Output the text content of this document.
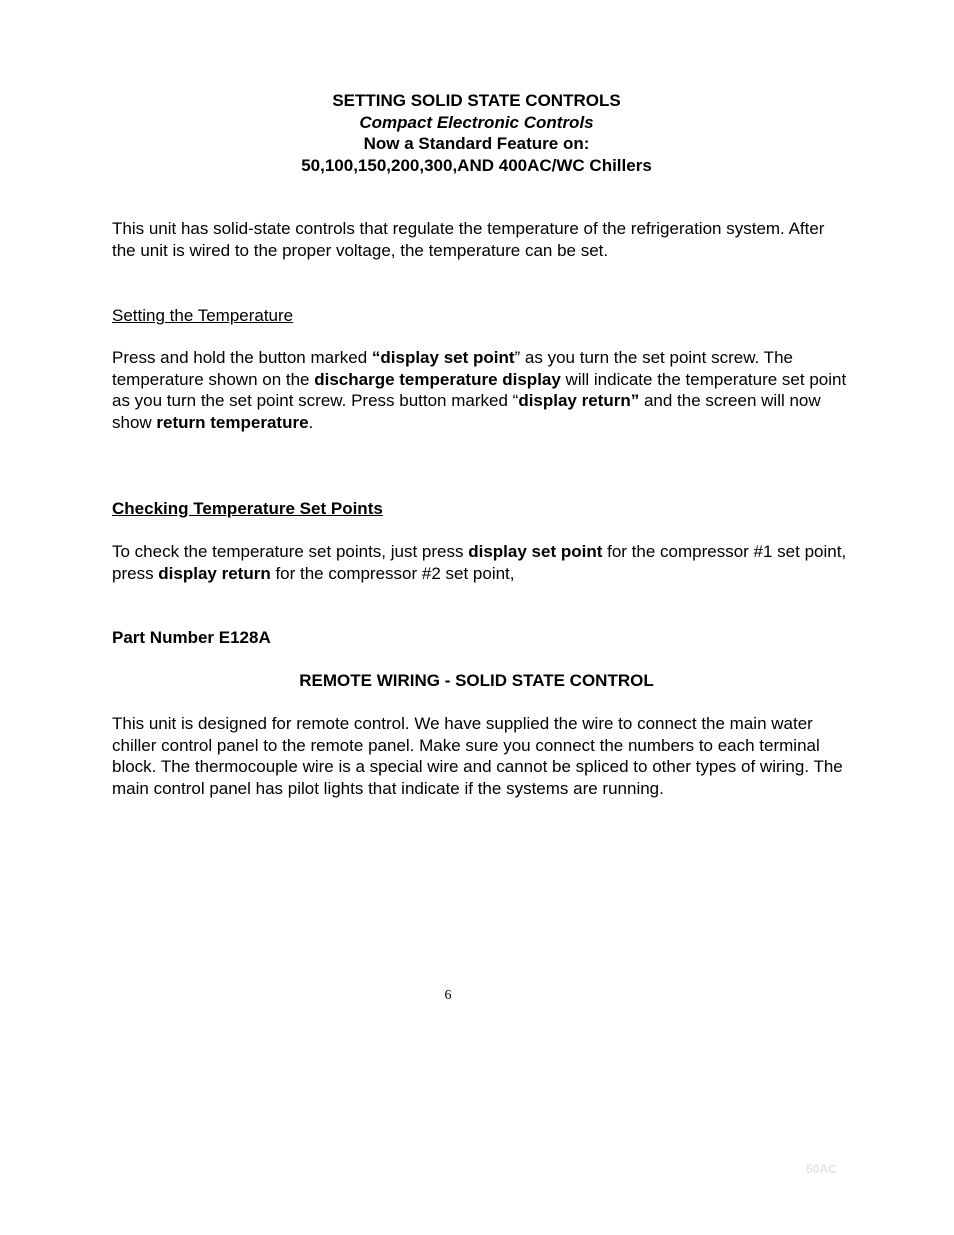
SETTING SOLID STATE CONTROLS
Compact Electronic Controls
Now a Standard Feature on:
50,100,150,200,300,AND 400AC/WC Chillers
This unit has solid-state controls that regulate the temperature of the refrigeration system. After the unit is wired to the proper voltage, the temperature can be set.
Setting the Temperature
Press and hold the button marked “display set point” as you turn the set point screw. The temperature shown on the discharge temperature display will indicate the temperature set point as you turn the set point screw. Press button marked “display return” and the screen will now show return temperature.
Checking Temperature Set Points
To check the temperature set points, just press display set point for the compressor #1 set point, press display return for the compressor #2 set point,
Part Number E128A
REMOTE WIRING - SOLID STATE CONTROL
This unit is designed for remote control. We have supplied the wire to connect the main water chiller control panel to the remote panel. Make sure you connect the numbers to each terminal block. The thermocouple wire is a special wire and cannot be spliced to other types of wiring. The main control panel has pilot lights that indicate if the systems are running.
6
50AC
